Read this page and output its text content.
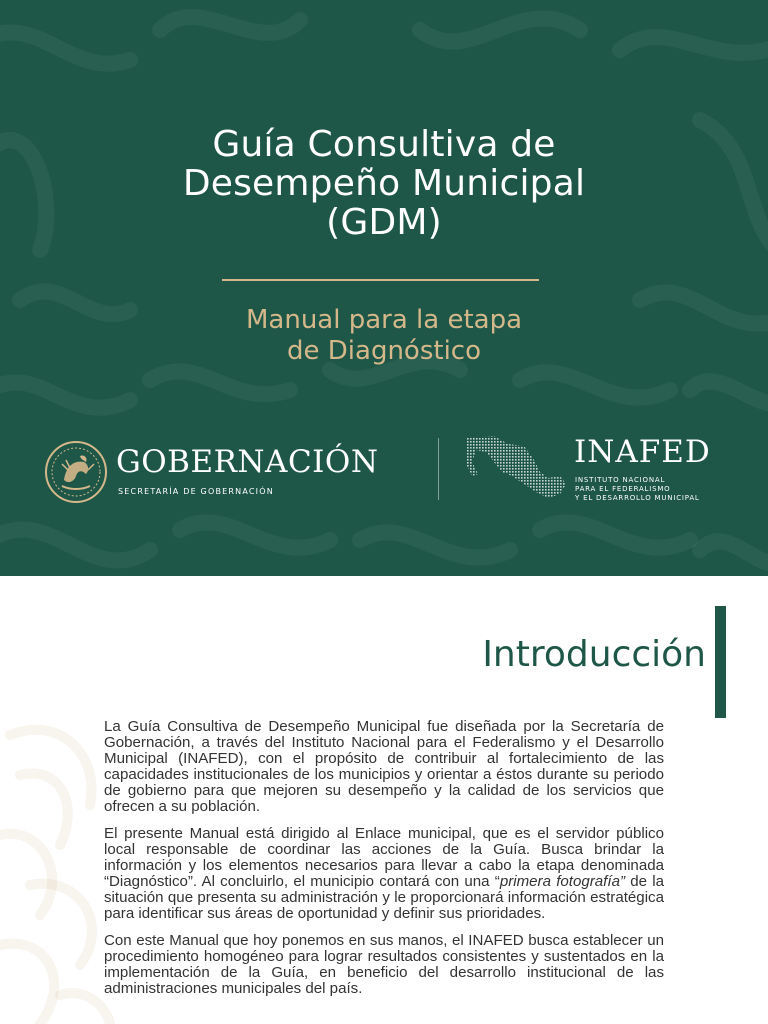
Guía Consultiva de
Desempeño Municipal
(GDM)
Manual para la etapa
de Diagnóstico
GOBERNACIÓN
SECRETARÍA DE GOBERNACIÓN
INAFED
INSTITUTO NACIONAL
PARA EL FEDERALISMO
Y EL DESARROLLO MUNICIPAL
Introducción

La Guía Consultiva de Desempeño Municipal fue diseñada por la Secretaría de Gobernación, a través del Instituto Nacional para el Federalismo y el Desarrollo Municipal (INAFED), con el propósito de contribuir al fortalecimiento de las capacidades institucionales de los municipios y orientar a éstos durante su periodo de gobierno para que mejoren su desempeño y la calidad de los servicios que ofrecen a su población.

El presente Manual está dirigido al Enlace municipal, que es el servidor público local responsable de coordinar las acciones de la Guía. Busca brindar la información y los elementos necesarios para llevar a cabo la etapa denominada “Diagnóstico”. Al concluirlo, el municipio contará con una “primera fotografía” de la situación que presenta su administración y le proporcionará información estratégica para identificar sus áreas de oportunidad y definir sus prioridades.

Con este Manual que hoy ponemos en sus manos, el INAFED busca establecer un procedimiento homogéneo para lograr resultados consistentes y sustentados en la implementación de la Guía, en beneficio del desarrollo institucional de las administraciones municipales del país.
